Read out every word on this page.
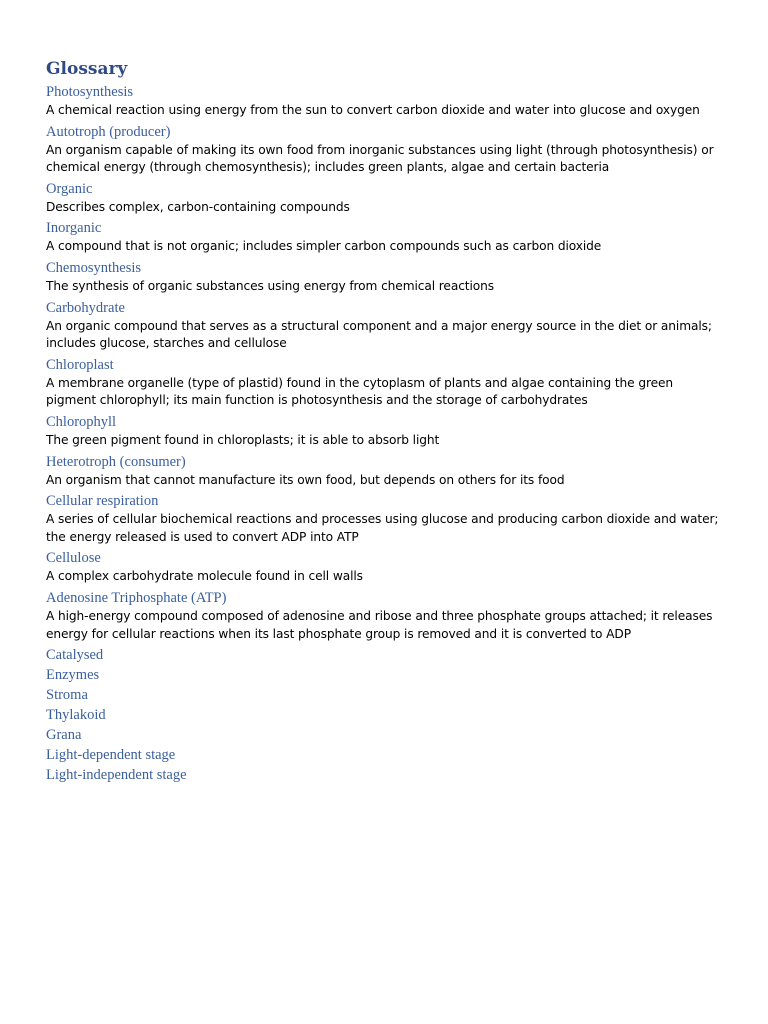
Glossary

Photosynthesis

A chemical reaction using energy from the sun to convert carbon dioxide and water into glucose and oxygen

Autotroph (producer)

An organism capable of making its own food from inorganic substances using light (through photosynthesis) or chemical energy (through chemosynthesis); includes green plants, algae and certain bacteria

Organic

Describes complex, carbon-containing compounds

Inorganic

A compound that is not organic; includes simpler carbon compounds such as carbon dioxide

Chemosynthesis

The synthesis of organic substances using energy from chemical reactions

Carbohydrate

An organic compound that serves as a structural component and a major energy source in the diet or animals; includes glucose, starches and cellulose

Chloroplast

A membrane organelle (type of plastid) found in the cytoplasm of plants and algae containing the green pigment chlorophyll; its main function is photosynthesis and the storage of carbohydrates

Chlorophyll

The green pigment found in chloroplasts; it is able to absorb light

Heterotroph (consumer)

An organism that cannot manufacture its own food, but depends on others for its food

Cellular respiration

A series of cellular biochemical reactions and processes using glucose and producing carbon dioxide and water; the energy released is used to convert ADP into ATP

Cellulose

A complex carbohydrate molecule found in cell walls

Adenosine Triphosphate (ATP)

A high-energy compound composed of adenosine and ribose and three phosphate groups attached; it releases energy for cellular reactions when its last phosphate group is removed and it is converted to ADP

Catalysed

Enzymes

Stroma

Thylakoid

Grana

Light-dependent stage

Light-independent stage
